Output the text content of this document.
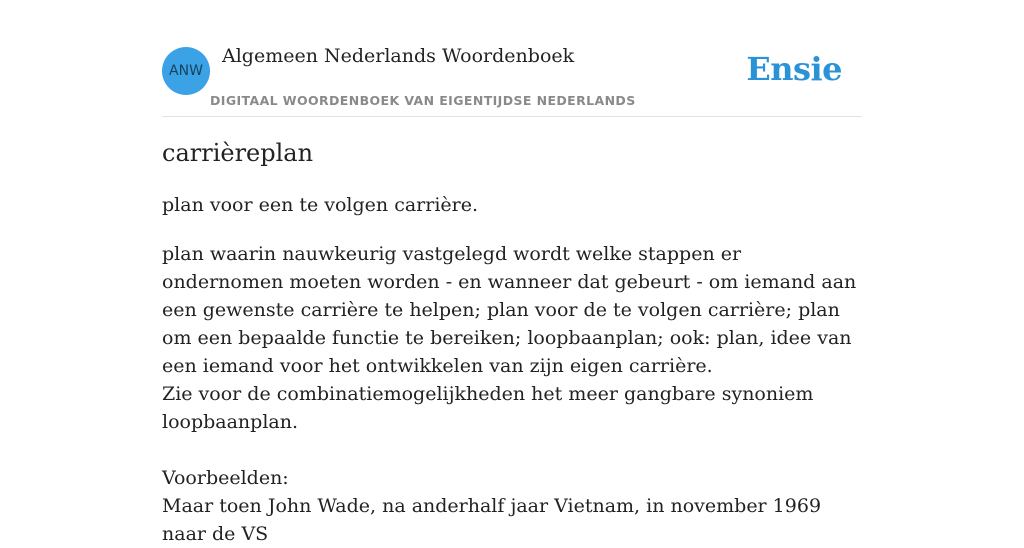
ANW
Algemeen Nederlands Woordenboek
DIGITAAL WOORDENBOEK VAN EIGENTIJDSE NEDERLANDS
Ensie
carrièreplan
plan voor een te volgen carrière.

plan waarin nauwkeurig vastgelegd wordt welke stappen er ondernomen moeten worden - en wanneer dat gebeurt - om iemand aan een gewenste carrière te helpen; plan voor de te volgen carrière; plan om een bepaalde functie te bereiken; loopbaanplan; ook: plan, idee van een iemand voor het ontwikkelen van zijn eigen carrière.

Zie voor de combinatiemogelijkheden het meer gangbare synoniem loopbaanplan.

Voorbeelden:

Maar toen John Wade, na anderhalf jaar Vietnam, in november 1969 naar de VS
